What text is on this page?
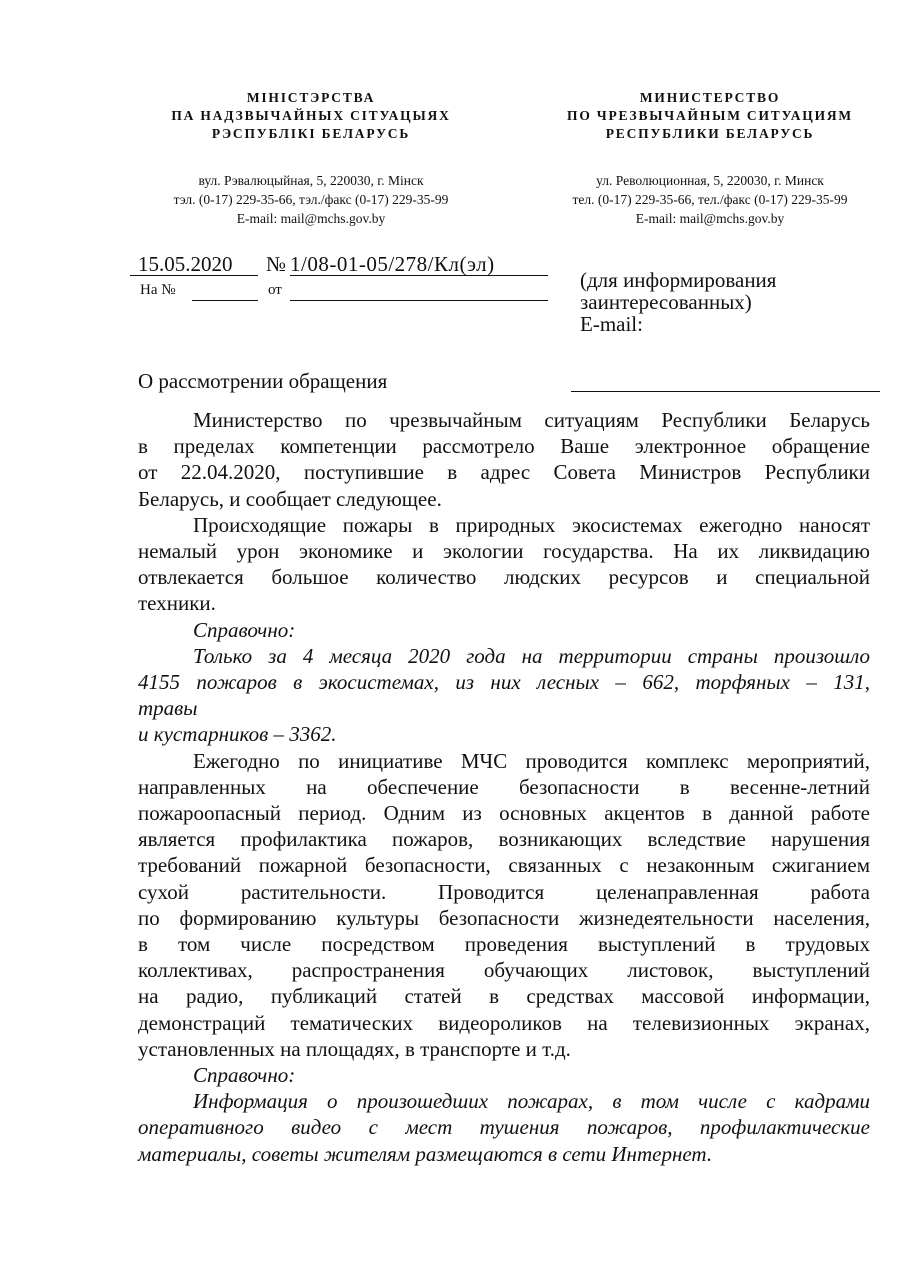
МІНІСТЭРСТВА
ПА НАДЗВЫЧАЙНЫХ СІТУАЦЫЯХ
РЭСПУБЛІКІ БЕЛАРУСЬ
МИНИСТЕРСТВО
ПО ЧРЕЗВЫЧАЙНЫМ СИТУАЦИЯМ
РЕСПУБЛИКИ БЕЛАРУСЬ
вул. Рэвалюцыйная, 5, 220030, г. Мінск
тэл. (0-17) 229-35-66, тэл./факс (0-17) 229-35-99
E-mail: mail@mchs.gov.by
ул. Революционная, 5, 220030, г. Минск
тел. (0-17) 229-35-66, тел./факс (0-17) 229-35-99
E-mail: mail@mchs.gov.by
15.05.2020 № 1/08-01-05/278/Кл(эл)
На №	от	(для информирования
заинтересованных)
E-mail:
О рассмотрении обращения
Министерство по чрезвычайным ситуациям Республики Беларусь
в пределах компетенции рассмотрело Ваше электронное обращение
от 22.04.2020, поступившие в адрес Совета Министров Республики
Беларусь, и сообщает следующее.
Происходящие пожары в природных экосистемах ежегодно наносят
немалый урон экономике и экологии государства. На их ликвидацию
отвлекается большое количество людских ресурсов и специальной
техники.
Справочно:
Только за 4 месяца 2020 года на территории страны произошло
4155 пожаров в экосистемах, из них лесных – 662, торфяных – 131,
травы
и кустарников – 3362.
Ежегодно по инициативе МЧС проводится комплекс мероприятий,
направленных на обеспечение безопасности в весенне-летний
пожароопасный период. Одним из основных акцентов в данной работе
является профилактика пожаров, возникающих вследствие нарушения
требований пожарной безопасности, связанных с незаконным сжиганием
сухой растительности. Проводится целенаправленная работа
по формированию культуры безопасности жизнедеятельности населения,
в том числе посредством проведения выступлений в трудовых
коллективах, распространения обучающих листовок, выступлений
на радио, публикаций статей в средствах массовой информации,
демонстраций тематических видеороликов на телевизионных экранах,
установленных на площадях, в транспорте и т.д.
Справочно:
Информация о произошедших пожарах, в том числе с кадрами
оперативного видео с мест тушения пожаров, профилактические
материалы, советы жителям размещаются в сети Интернет.
